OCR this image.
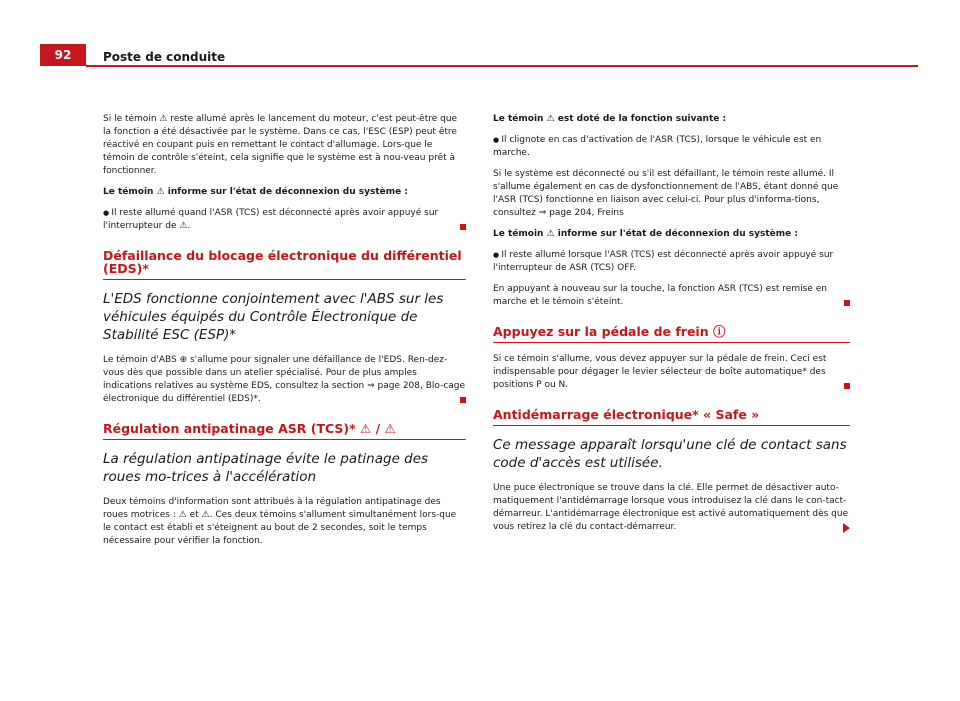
92	Poste de conduite

Si le témoin ⚠ reste allumé après le lancement du moteur, c'est peut-être que la fonction a été désactivée par le système. Dans ce cas, l'ESC (ESP) peut être réactivé en coupant puis en remettant le contact d'allumage. Lors-que le témoin de contrôle s'éteint, cela signifie que le système est à nou-veau prêt à fonctionner.

Le témoin ⚠ informe sur l'état de déconnexion du système :

● Il reste allumé quand l'ASR (TCS) est déconnecté après avoir appuyé sur l'interrupteur de ⚠.

Défaillance du blocage électronique du différentiel (EDS)*
L'EDS fonctionne conjointement avec l'ABS sur les véhicules équipés du Contrôle Électronique de Stabilité ESC (ESP)*

Le témoin d'ABS ⊕ s'allume pour signaler une défaillance de l'EDS. Ren-dez-vous dès que possible dans un atelier spécialisé. Pour de plus amples indications relatives au système EDS, consultez la section ⇒ page 208, Blo-cage électronique du différentiel (EDS)*.

Régulation antipatinage ASR (TCS)* ⚠ / ⚠
La régulation antipatinage évite le patinage des roues mo-trices à l'accélération

Deux témoins d'information sont attribués à la régulation antipatinage des roues motrices : ⚠ et ⚠. Ces deux témoins s'allument simultanément lors-que le contact est établi et s'éteignent au bout de 2 secondes, soit le temps nécessaire pour vérifier la fonction.

Le témoin ⚠ est doté de la fonction suivante :

● Il clignote en cas d'activation de l'ASR (TCS), lorsque le véhicule est en marche.

Si le système est déconnecté ou s'il est défaillant, le témoin reste allumé. Il s'allume également en cas de dysfonctionnement de l'ABS, étant donné que l'ASR (TCS) fonctionne en liaison avec celui-ci. Pour plus d'informa-tions, consultez ⇒ page 204, Freins

Le témoin ⚠ informe sur l'état de déconnexion du système :

● Il reste allumé lorsque l'ASR (TCS) est déconnecté après avoir appuyé sur l'interrupteur de ASR (TCS) OFF.

En appuyant à nouveau sur la touche, la fonction ASR (TCS) est remise en marche et le témoin s'éteint.

Appuyez sur la pédale de frein ⓘ

Si ce témoin s'allume, vous devez appuyer sur la pédale de frein. Ceci est indispensable pour dégager le levier sélecteur de boîte automatique* des positions P ou N.

Antidémarrage électronique* « Safe »
Ce message apparaît lorsqu'une clé de contact sans code d'accès est utilisée.

Une puce électronique se trouve dans la clé. Elle permet de désactiver auto-matiquement l'antidémarrage lorsque vous introduisez la clé dans le con-tact-démarreur. L'antidémarrage électronique est activé automatiquement dès que vous retirez la clé du contact-démarreur.
